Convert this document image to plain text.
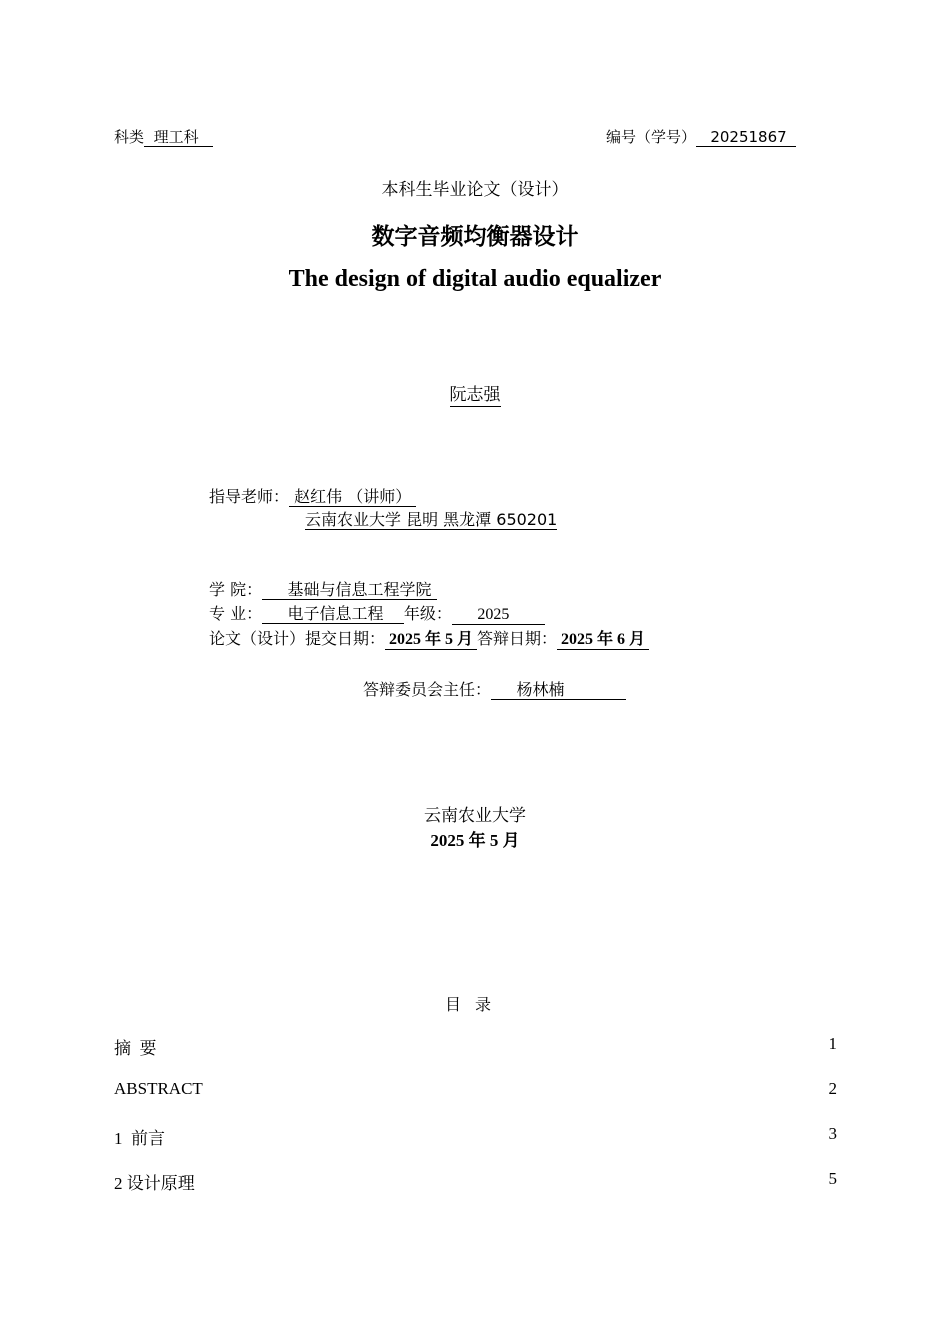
科类 理工科	编号（学号） 20251867
本科生毕业论文（设计）
数字音频均衡器设计
The design of digital audio equalizer
阮志强
指导老师： 赵红伟 （讲师）
云南农业大学 昆明 黑龙潭 650201
学 院： 基础与信息工程学院
专 业： 电子信息工程 年级： 2025
论文（设计）提交日期： 2025 年 5 月 答辩日期： 2025 年 6 月
答辩委员会主任： 杨林楠
云南农业大学
2025 年 5 月
目录
摘  要	1
ABSTRACT	2
1  前言	3
2 设计原理	5
